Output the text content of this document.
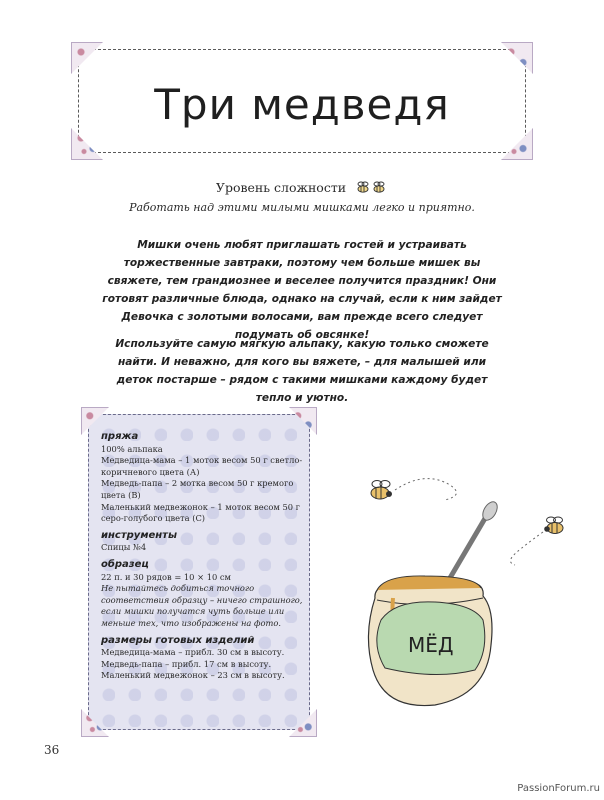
Три медведя
Уровень сложности
Работать над этими милыми мишками легко и приятно.
Мишки очень любят приглашать гостей и устраивать торжественные завтраки, поэтому чем больше мишек вы свяжете, тем грандиознее и веселее получится праздник! Они готовят различные блюда, однако на случай, если к ним зайдет Девочка с золотыми волосами, вам прежде всего следует подумать об овсянке!
Используйте самую мягкую альпаку, какую только сможете найти. И неважно, для кого вы вяжете, – для малышей или деток постарше – рядом с такими мишками каждому будет тепло и уютно.
пряжа
100% альпака
Медведица-мама – 1 моток весом 50 г светло-коричневого цвета (А)
Медведь-папа – 2 мотка весом 50 г кремого цвета (В)
Маленький медвежонок – 1 моток весом 50 г серо-голубого цвета (С)
инструменты
Спицы №4
образец
22 п. и 30 рядов = 10 × 10 см
Не пытайтесь добиться точного соответствия образцу – ничего страшного, если мишки получатся чуть больше или меньше тех, что изображены на фото.
размеры готовых изделий
Медведица-мама – прибл. 30 см в высоту.
Медведь-папа – прибл. 17 см в высоту.
Маленький медвежонок – 23 см в высоту.
МЁД
36
PassionForum.ru
